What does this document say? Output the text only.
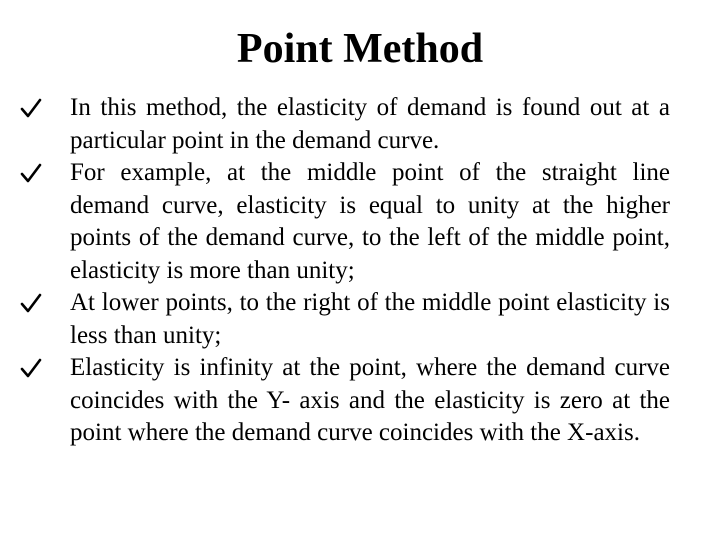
Point Method
In this method, the elasticity of demand is found out at a particular point in the demand curve.
For example, at the middle point of the straight line demand curve, elasticity is equal to unity at the higher points of the demand curve, to the left of the middle point, elasticity is more than unity;
At lower points, to the right of the middle point elasticity is less than unity;
Elasticity is infinity at the point, where the demand curve coincides with the Y- axis and the elasticity is zero at the point where the demand curve coincides with the X-axis.
